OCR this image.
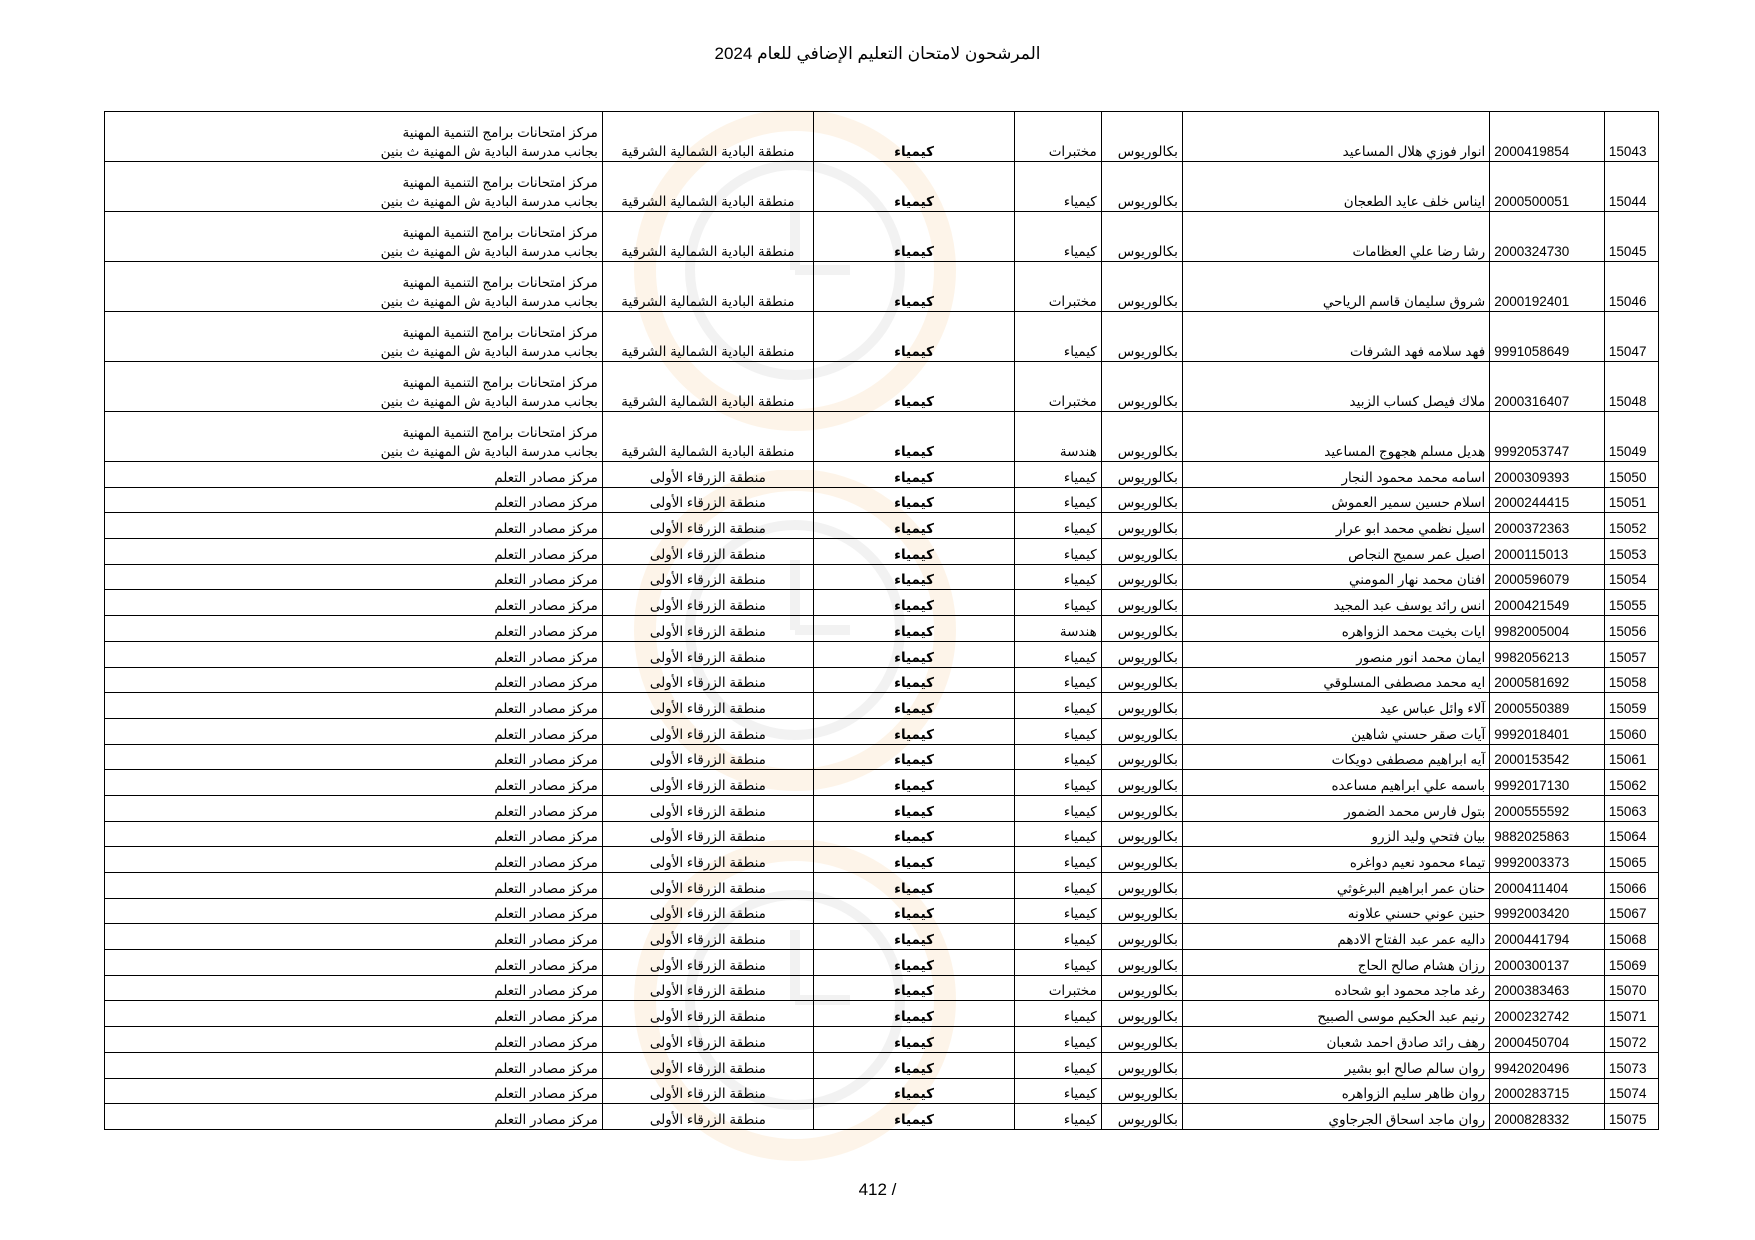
المرشحون لامتحان التعليم الإضافي للعام 2024
15043	2000419854	انوار فوزي هلال المساعيد	بكالوريوس	مختبرات	كيمياء	منطقة البادية الشمالية الشرقية	مركز امتحانات برامج التنمية المهنية
بجانب مدرسة البادية ش المهنية ث بنين

15044	2000500051	ايناس خلف عايد الطعجان	بكالوريوس	كيمياء	كيمياء	منطقة البادية الشمالية الشرقية	مركز امتحانات برامج التنمية المهنية
بجانب مدرسة البادية ش المهنية ث بنين

15045	2000324730	رشا رضا علي العظامات	بكالوريوس	كيمياء	كيمياء	منطقة البادية الشمالية الشرقية	مركز امتحانات برامج التنمية المهنية
بجانب مدرسة البادية ش المهنية ث بنين

15046	2000192401	شروق سليمان قاسم الرياحي	بكالوريوس	مختبرات	كيمياء	منطقة البادية الشمالية الشرقية	مركز امتحانات برامج التنمية المهنية
بجانب مدرسة البادية ش المهنية ث بنين

15047	9991058649	فهد سلامه فهد الشرفات	بكالوريوس	كيمياء	كيمياء	منطقة البادية الشمالية الشرقية	مركز امتحانات برامج التنمية المهنية
بجانب مدرسة البادية ش المهنية ث بنين

15048	2000316407	ملاك فيصل كساب الزبيد	بكالوريوس	مختبرات	كيمياء	منطقة البادية الشمالية الشرقية	مركز امتحانات برامج التنمية المهنية
بجانب مدرسة البادية ش المهنية ث بنين

15049	9992053747	هديل مسلم هجهوج المساعيد	بكالوريوس	هندسة	كيمياء	منطقة البادية الشمالية الشرقية	مركز امتحانات برامج التنمية المهنية
بجانب مدرسة البادية ش المهنية ث بنين

15050	2000309393	اسامه محمد محمود النجار	بكالوريوس	كيمياء	كيمياء	منطقة الزرقاء الأولى	مركز مصادر التعلم

15051	2000244415	اسلام حسين سمير العموش	بكالوريوس	كيمياء	كيمياء	منطقة الزرقاء الأولى	مركز مصادر التعلم

15052	2000372363	اسيل نظمي محمد ابو عرار	بكالوريوس	كيمياء	كيمياء	منطقة الزرقاء الأولى	مركز مصادر التعلم

15053	2000115013	اصيل عمر سميح النجاص	بكالوريوس	كيمياء	كيمياء	منطقة الزرقاء الأولى	مركز مصادر التعلم

15054	2000596079	افنان محمد نهار المومني	بكالوريوس	كيمياء	كيمياء	منطقة الزرقاء الأولى	مركز مصادر التعلم

15055	2000421549	انس رائد يوسف عبد المجيد	بكالوريوس	كيمياء	كيمياء	منطقة الزرقاء الأولى	مركز مصادر التعلم

15056	9982005004	ايات بخيت محمد الزواهره	بكالوريوس	هندسة	كيمياء	منطقة الزرقاء الأولى	مركز مصادر التعلم

15057	9982056213	ايمان محمد انور منصور	بكالوريوس	كيمياء	كيمياء	منطقة الزرقاء الأولى	مركز مصادر التعلم

15058	2000581692	ايه محمد مصطفى المسلوقي	بكالوريوس	كيمياء	كيمياء	منطقة الزرقاء الأولى	مركز مصادر التعلم

15059	2000550389	آلاء وائل عباس عيد	بكالوريوس	كيمياء	كيمياء	منطقة الزرقاء الأولى	مركز مصادر التعلم

15060	9992018401	آيات صقر حسني شاهين	بكالوريوس	كيمياء	كيمياء	منطقة الزرقاء الأولى	مركز مصادر التعلم

15061	2000153542	آيه ابراهيم مصطفى دويكات	بكالوريوس	كيمياء	كيمياء	منطقة الزرقاء الأولى	مركز مصادر التعلم

15062	9992017130	باسمه علي ابراهيم مساعده	بكالوريوس	كيمياء	كيمياء	منطقة الزرقاء الأولى	مركز مصادر التعلم

15063	2000555592	بتول فارس محمد الضمور	بكالوريوس	كيمياء	كيمياء	منطقة الزرقاء الأولى	مركز مصادر التعلم

15064	9882025863	بيان فتحي وليد الزرو	بكالوريوس	كيمياء	كيمياء	منطقة الزرقاء الأولى	مركز مصادر التعلم

15065	9992003373	تيماء محمود نعيم دواغره	بكالوريوس	كيمياء	كيمياء	منطقة الزرقاء الأولى	مركز مصادر التعلم

15066	2000411404	حنان عمر ابراهيم البرغوثي	بكالوريوس	كيمياء	كيمياء	منطقة الزرقاء الأولى	مركز مصادر التعلم

15067	9992003420	حنين عوني حسني علاونه	بكالوريوس	كيمياء	كيمياء	منطقة الزرقاء الأولى	مركز مصادر التعلم

15068	2000441794	داليه عمر عبد الفتاح الادهم	بكالوريوس	كيمياء	كيمياء	منطقة الزرقاء الأولى	مركز مصادر التعلم

15069	2000300137	رزان هشام صالح الحاج	بكالوريوس	كيمياء	كيمياء	منطقة الزرقاء الأولى	مركز مصادر التعلم

15070	2000383463	رغد ماجد محمود ابو شحاده	بكالوريوس	مختبرات	كيمياء	منطقة الزرقاء الأولى	مركز مصادر التعلم

15071	2000232742	رنيم عبد الحكيم موسى الصبيح	بكالوريوس	كيمياء	كيمياء	منطقة الزرقاء الأولى	مركز مصادر التعلم

15072	2000450704	رهف رائد صادق احمد شعبان	بكالوريوس	كيمياء	كيمياء	منطقة الزرقاء الأولى	مركز مصادر التعلم

15073	9942020496	روان سالم صالح ابو بشير	بكالوريوس	كيمياء	كيمياء	منطقة الزرقاء الأولى	مركز مصادر التعلم

15074	2000283715	روان ظاهر سليم الزواهره	بكالوريوس	كيمياء	كيمياء	منطقة الزرقاء الأولى	مركز مصادر التعلم

15075	2000828332	روان ماجد اسحاق الجرجاوي	بكالوريوس	كيمياء	كيمياء	منطقة الزرقاء الأولى	مركز مصادر التعلم
412 /
